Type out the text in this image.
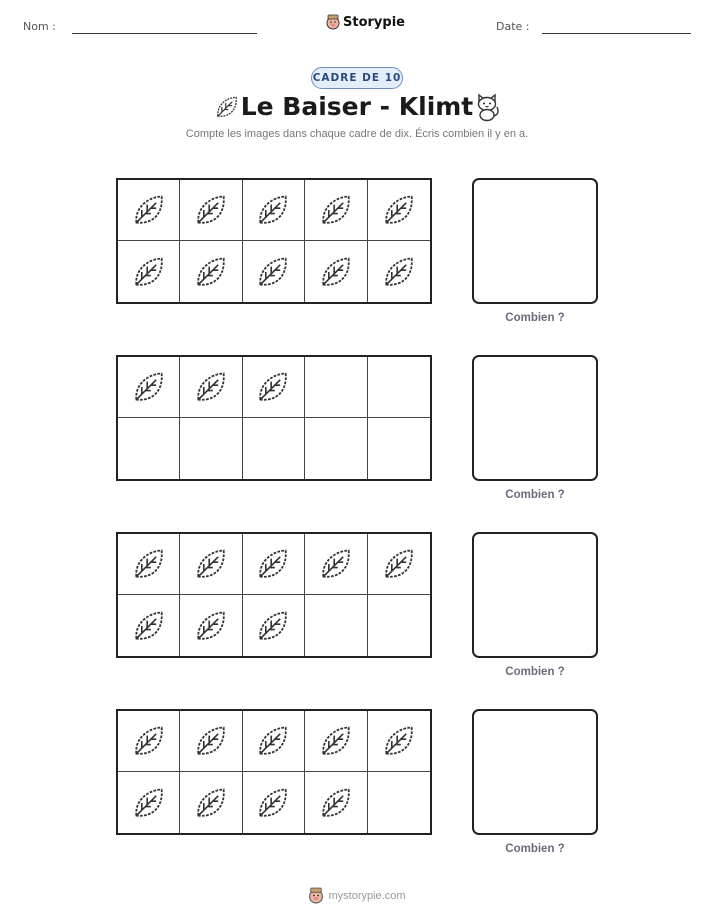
Nom :	Storypie	Date :
CADRE DE 10
Le Baiser - Klimt
Compte les images dans chaque cadre de dix. Écris combien il y en a.
Combien ?
Combien ?
Combien ?
Combien ?
mystorypie.com
